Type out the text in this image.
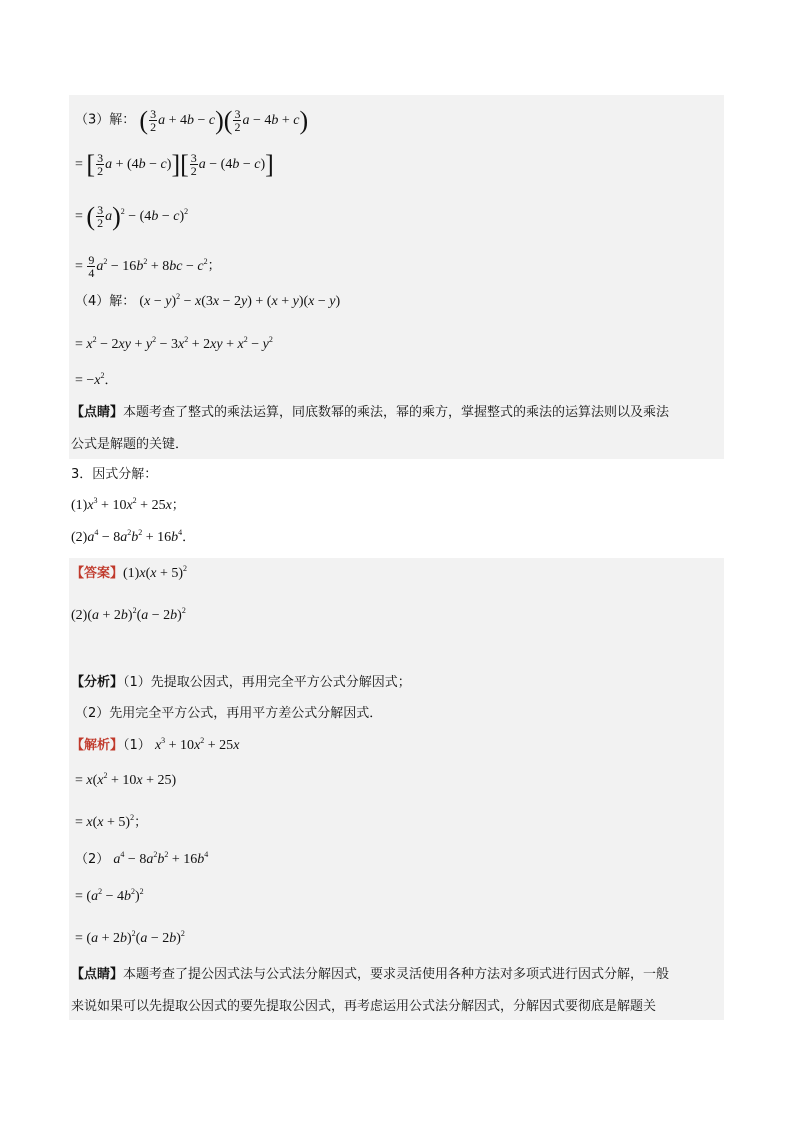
（3）解： ( $\frac{3}{2}$ $a + 4b - c)( \frac{3}{2}$ a − 4b + c)
= [ $\frac{3}{2}$ $a + (4b - c)][ \frac{3}{2}$ a − (4b − c)]
= ( $\frac{3}{2} a)^2 - (4b - c)^2$
= $\frac{9}{4} a^2 - 16b^2 + 8bc - c^2$；
（4）解： $(x - y)^2 - x(3x - 2y) + (x + y)(x - y)$
= $x^2 - 2xy + y^2 - 3x^2 + 2xy + x^2 - y^2$
= $-x^2$．
【点睛】本题考查了整式的乘法运算，同底数幂的乘法，幂的乘方，掌握整式的乘法的运算法则以及乘法
公式是解题的关键．
3．因式分解：
$(1)x^3 + 10x^2 + 25x$；
$(2)a^4 - 8a^2b^2 + 16b^4$．
【答案】$(1)x(x + 5)^2$
$(2)(a + 2b)^2(a - 2b)^2$
【分析】（1）先提取公因式，再用完全平方公式分解因式；
（2）先用完全平方公式，再用平方差公式分解因式．
【解析】（1） $x^3 + 10x^2 + 25x$
= $x(x^2 + 10x + 25)$
= $x(x + 5)^2$；
（2） $a^4 - 8a^2b^2 + 16b^4$
= $(a^2 - 4b^2)^2$
= $(a + 2b)^2(a - 2b)^2$
【点睛】本题考查了提公因式法与公式法分解因式，要求灵活使用各种方法对多项式进行因式分解，一般
来说如果可以先提取公因式的要先提取公因式，再考虑运用公式法分解因式，分解因式要彻底是解题关
